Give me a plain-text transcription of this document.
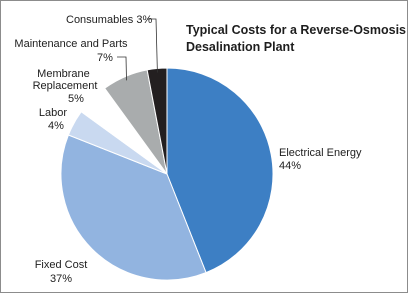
Typical Costs for a Reverse-Osmosis
Desalination Plant
Electrical Energy
44%
Fixed Cost
37%
Labor
4%
Membrane Replacement
5%
Maintenance and Parts
7%
Consumables 3%
